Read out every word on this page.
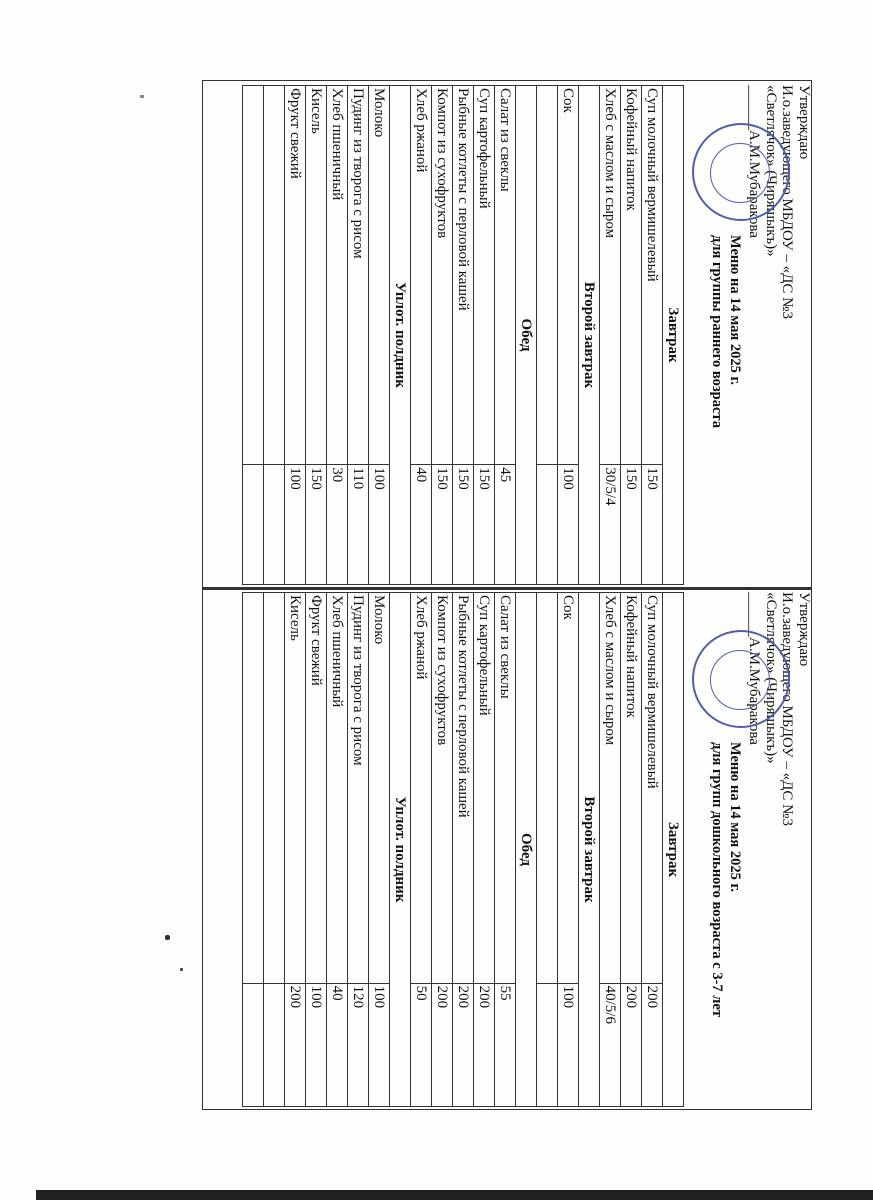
Утверждаю
И.о.заведующего МБДОУ – «ДС №3
«Светлячок» (Чиряшыкъ)»
______А.М.Мубаракова
Меню на 14 мая 2025 г.
для группы раннего возраста
Завтрак	
Суп молочный вермишелевый	150
Кофейный напиток	150
Хлеб с маслом и сыром	30/5/4
Второй завтрак	
Сок	100

Обед	
Салат из свеклы	45
Суп картофельный	150
Рыбные котлеты с перловой кашей	150
Компот из сухофруктов	150
Хлеб ржаной	40
Уплот. полдник	
Молоко	100
Пудинг из творога с рисом	110
Хлеб пшеничный	30
Кисель	150
Фрукт свежий	100

Утверждаю
И.о.заведующего МБДОУ – «ДС №3
«Светлячок» (Чиряшыкъ)»
______А.М.Мубаракова
Меню на 14 мая 2025 г.
для групп дошкольного возраста с 3-7 лет
Завтрак	
Суп молочный вермишелевый	200
Кофейный напиток	200
Хлеб с маслом и сыром	40/5/6
Второй завтрак	
Сок	100

Обед	
Салат из свеклы	55
Суп картофельный	200
Рыбные котлеты с перловой кашей	200
Компот из сухофруктов	200
Хлеб ржаной	50
Уплот. полдник	
Молоко	100
Пудинг из творога с рисом	120
Хлеб пшеничный	40
Фрукт свежий	100
Кисель	200
